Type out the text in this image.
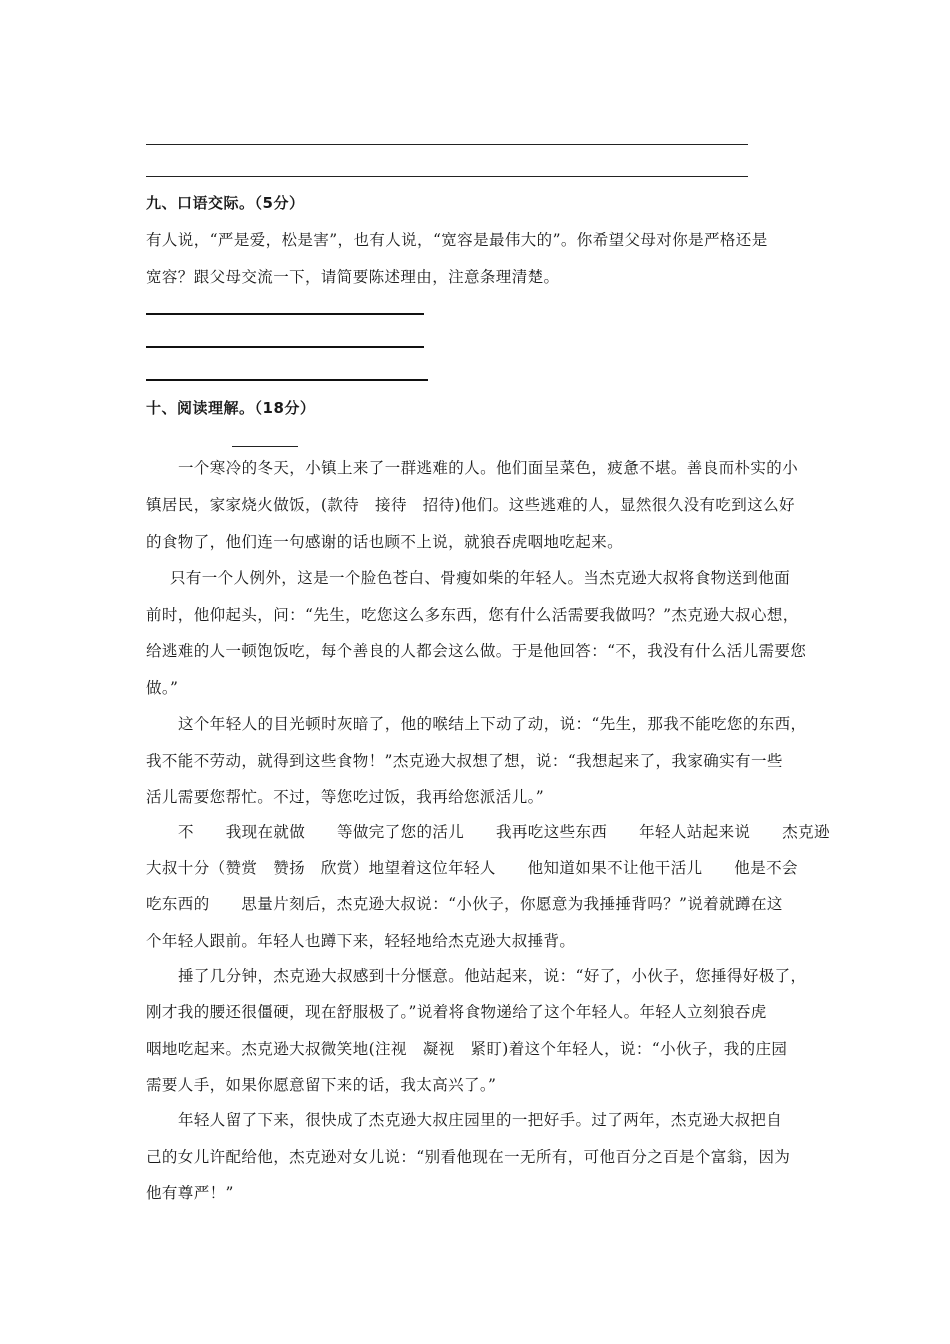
九、口语交际。（5分）
有人说，“严是爱，松是害”，也有人说，“宽容是最伟大的”。你希望父母对你是严格还是
宽容？跟父母交流一下，请简要陈述理由，注意条理清楚。
十、阅读理解。（18分）
一个寒冷的冬天，小镇上来了一群逃难的人。他们面呈菜色，疲惫不堪。善良而朴实的小
镇居民，家家烧火做饭，(款待　接待　招待)他们。这些逃难的人，显然很久没有吃到这么好
的食物了，他们连一句感谢的话也顾不上说，就狼吞虎咽地吃起来。
只有一个人例外，这是一个脸色苍白、骨瘦如柴的年轻人。当杰克逊大叔将食物送到他面
前时，他仰起头，问：“先生，吃您这么多东西，您有什么活需要我做吗？”杰克逊大叔心想，
给逃难的人一顿饱饭吃，每个善良的人都会这么做。于是他回答：“不，我没有什么活儿需要您
做。”
这个年轻人的目光顿时灰暗了，他的喉结上下动了动，说：“先生，那我不能吃您的东西，
我不能不劳动，就得到这些食物！”杰克逊大叔想了想，说：“我想起来了，我家确实有一些
活儿需要您帮忙。不过，等您吃过饭，我再给您派活儿。”
不　　我现在就做　　等做完了您的活儿　　我再吃这些东西　　年轻人站起来说　　杰克逊
大叔十分（赞赏　赞扬　欣赏）地望着这位年轻人　　他知道如果不让他干活儿　　他是不会
吃东西的　　思量片刻后，杰克逊大叔说：“小伙子，你愿意为我捶捶背吗？”说着就蹲在这
个年轻人跟前。年轻人也蹲下来，轻轻地给杰克逊大叔捶背。
捶了几分钟，杰克逊大叔感到十分惬意。他站起来，说：“好了，小伙子，您捶得好极了，
刚才我的腰还很僵硬，现在舒服极了。”说着将食物递给了这个年轻人。年轻人立刻狼吞虎
咽地吃起来。杰克逊大叔微笑地(注视　凝视　紧盯)着这个年轻人，说：“小伙子，我的庄园
需要人手，如果你愿意留下来的话，我太高兴了。”
年轻人留了下来，很快成了杰克逊大叔庄园里的一把好手。过了两年，杰克逊大叔把自
己的女儿许配给他，杰克逊对女儿说：“别看他现在一无所有，可他百分之百是个富翁，因为
他有尊严！”
